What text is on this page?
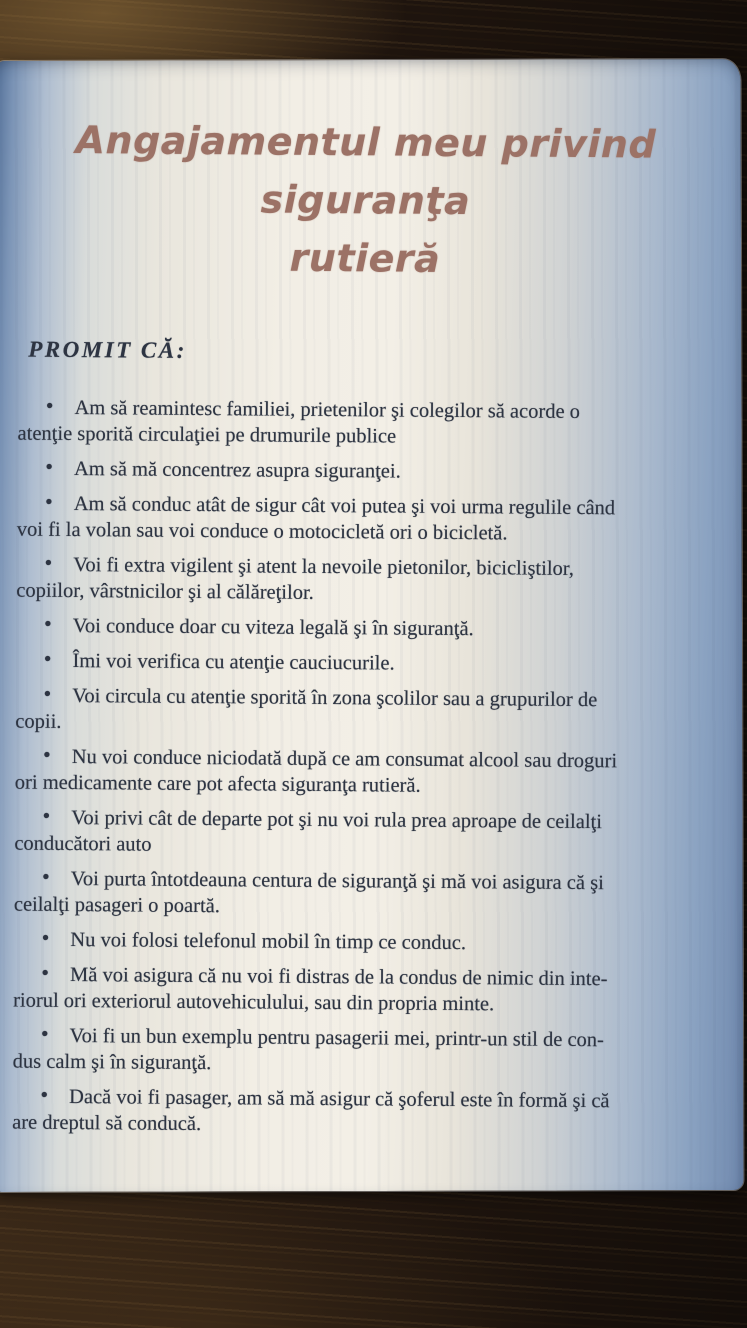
Angajamentul meu privind siguranţa
rutieră
PROMIT CĂ:

• Am să reamintesc familiei, prietenilor şi colegilor să acorde o
atenţie sporită circulaţiei pe drumurile publice

• Am să mă concentrez asupra siguranţei.

• Am să conduc atât de sigur cât voi putea şi voi urma regulile când
voi fi la volan sau voi conduce o motocicletă ori o bicicletă.

• Voi fi extra vigilent şi atent la nevoile pietonilor, bicicliştilor,
copiilor, vârstnicilor şi al călăreţilor.

• Voi conduce doar cu viteza legală şi în siguranţă.

• Îmi voi verifica cu atenţie cauciucurile.

• Voi circula cu atenţie sporită în zona şcolilor sau a grupurilor de
copii.

• Nu voi conduce niciodată după ce am consumat alcool sau droguri
ori medicamente care pot afecta siguranţa rutieră.

• Voi privi cât de departe pot şi nu voi rula prea aproape de ceilalţi
conducători auto

• Voi purta întotdeauna centura de siguranţă şi mă voi asigura că şi
ceilalţi pasageri o poartă.

• Nu voi folosi telefonul mobil în timp ce conduc.

• Mă voi asigura că nu voi fi distras de la condus de nimic din inte-
riorul ori exteriorul autovehiculului, sau din propria minte.

• Voi fi un bun exemplu pentru pasagerii mei, printr-un stil de con-
dus calm şi în siguranţă.

• Dacă voi fi pasager, am să mă asigur că şoferul este în formă şi că
are dreptul să conducă.
